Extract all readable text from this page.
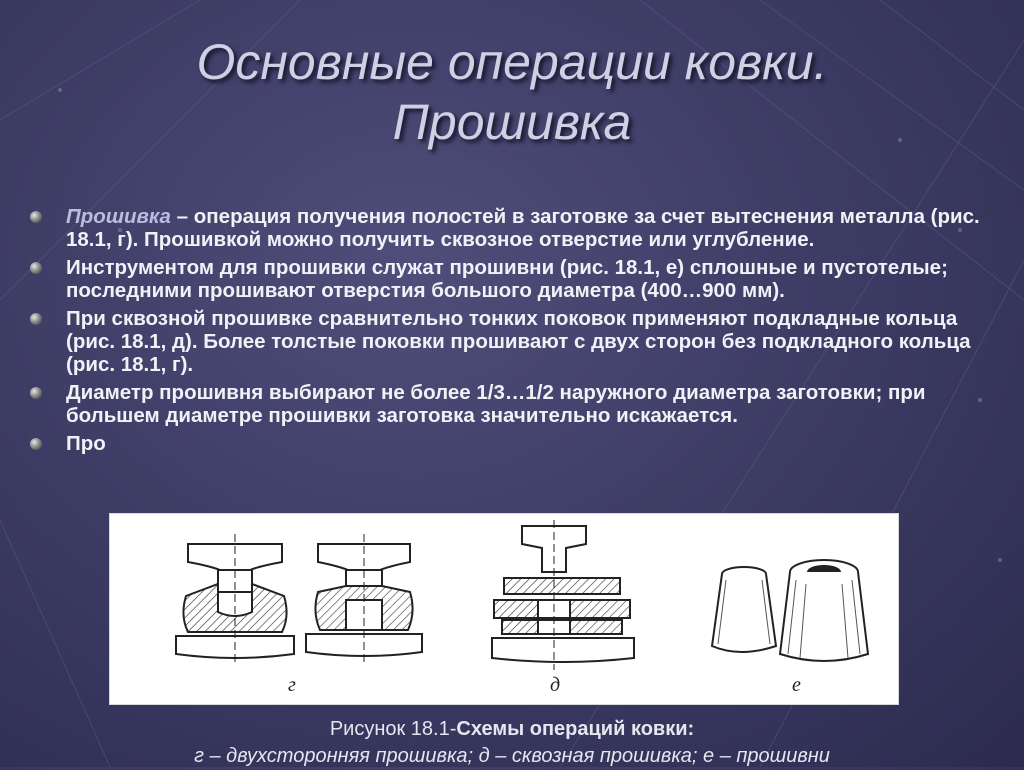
Основные операции ковки.
Прошивка
Прошивка – операция получения полостей в заготовке за счет вытеснения металла (рис. 18.1, г). Прошивкой можно получить сквозное отверстие или углубление.
Инструментом для прошивки служат прошивни (рис. 18.1, е) сплошные и пустотелые; последними прошивают отверстия большого диаметра (400…900 мм).
При сквозной прошивке сравнительно тонких поковок применяют подкладные кольца (рис. 18.1, д). Более толстые поковки прошивают с двух сторон без подкладного кольца (рис. 18.1, г).
Диаметр прошивня выбирают не более 1/3…1/2 наружного диаметра заготовки; при большем диаметре прошивки заготовка значительно искажается.
Про
г	д	е
Рисунок 18.1-Схемы операций ковки:
г – двухсторонняя прошивка; д – сквозная прошивка; е – прошивни
